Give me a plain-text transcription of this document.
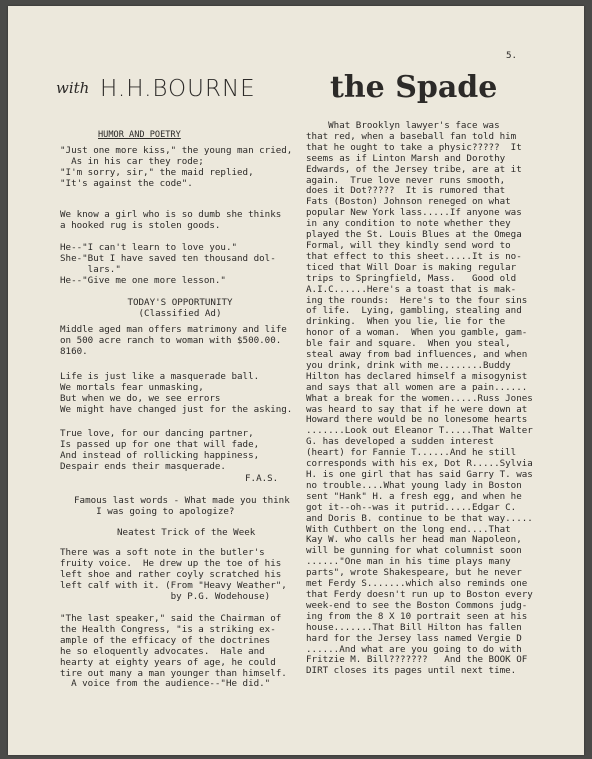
5.
with H.H.BOURNE the Spade
HUMOR AND POETRY
"Just one more kiss," the young man cried,
As in his car they rode;
"I'm sorry, sir," the maid replied,
"It's against the code".
We know a girl who is so dumb she thinks
a hooked rug is stolen goods.
He--"I can't learn to love you."
She-"But I have saved ten thousand dol-
lars."
He--"Give me one more lesson."
TODAY'S OPPORTUNITY
(Classified Ad)
Middle aged man offers matrimony and life
on 500 acre ranch to woman with $500.00.
8160.
Life is just like a masquerade ball.
We mortals fear unmasking,
But when we do, we see errors
We might have changed just for the asking.
True love, for our dancing partner,
Is passed up for one that will fade,
And instead of rollicking happiness,
Despair ends their masquerade.
F.A.S.
Famous last words - What made you think
I was going to apologize?
Neatest Trick of the Week
There was a soft note in the butler's
fruity voice.  He drew up the toe of his
left shoe and rather coyly scratched his
left calf with it. (From "Heavy Weather",
by P.G. Wodehouse)
"The last speaker," said the Chairman of
the Health Congress, "is a striking ex-
ample of the efficacy of the doctrines
he so eloquently advocates.  Hale and
hearty at eighty years of age, he could
tire out many a man younger than himself.
A voice from the audience--"He did."
What Brooklyn lawyer's face was
that red, when a baseball fan told him
that he ought to take a physic?????  It
seems as if Linton Marsh and Dorothy
Edwards, of the Jersey tribe, are at it
again.  True love never runs smooth,
does it Dot?????  It is rumored that
Fats (Boston) Johnson reneged on what
popular New York lass.....If anyone was
in any condition to note whether they
played the St. Louis Blues at the Omega
Formal, will they kindly send word to
that effect to this sheet.....It is no-
ticed that Will Doar is making regular
trips to Springfield, Mass.   Good old
A.I.C......Here's a toast that is mak-
ing the rounds:  Here's to the four sins
of life.  Lying, gambling, stealing and
drinking.  When you lie, lie for the
honor of a woman.  When you gamble, gam-
ble fair and square.  When you steal,
steal away from bad influences, and when
you drink, drink with me........Buddy
Hilton has declared himself a misogynist
and says that all women are a pain......
What a break for the women.....Russ Jones
was heard to say that if he were down at
Howard there would be no lonesome hearts
.......Look out Eleanor T.....That Walter
G. has developed a sudden interest
(heart) for Fannie T......And he still
corresponds with his ex, Dot R.....Sylvia
H. is one girl that has said Garry T. was
no trouble....What young lady in Boston
sent "Hank" H. a fresh egg, and when he
got it--oh--was it putrid.....Edgar C.
and Doris B. continue to be that way.....
With Cuthbert on the long end....That
Kay W. who calls her head man Napoleon,
will be gunning for what columnist soon
......"One man in his time plays many
parts", wrote Shakespeare, but he never
met Ferdy S.......which also reminds one
that Ferdy doesn't run up to Boston every
week-end to see the Boston Commons judg-
ing from the 8 X 10 portrait seen at his
house.......That Bill Hilton has fallen
hard for the Jersey lass named Vergie D
......And what are you going to do with
Fritzie M. Bill???????   And the BOOK OF
DIRT closes its pages until next time.
